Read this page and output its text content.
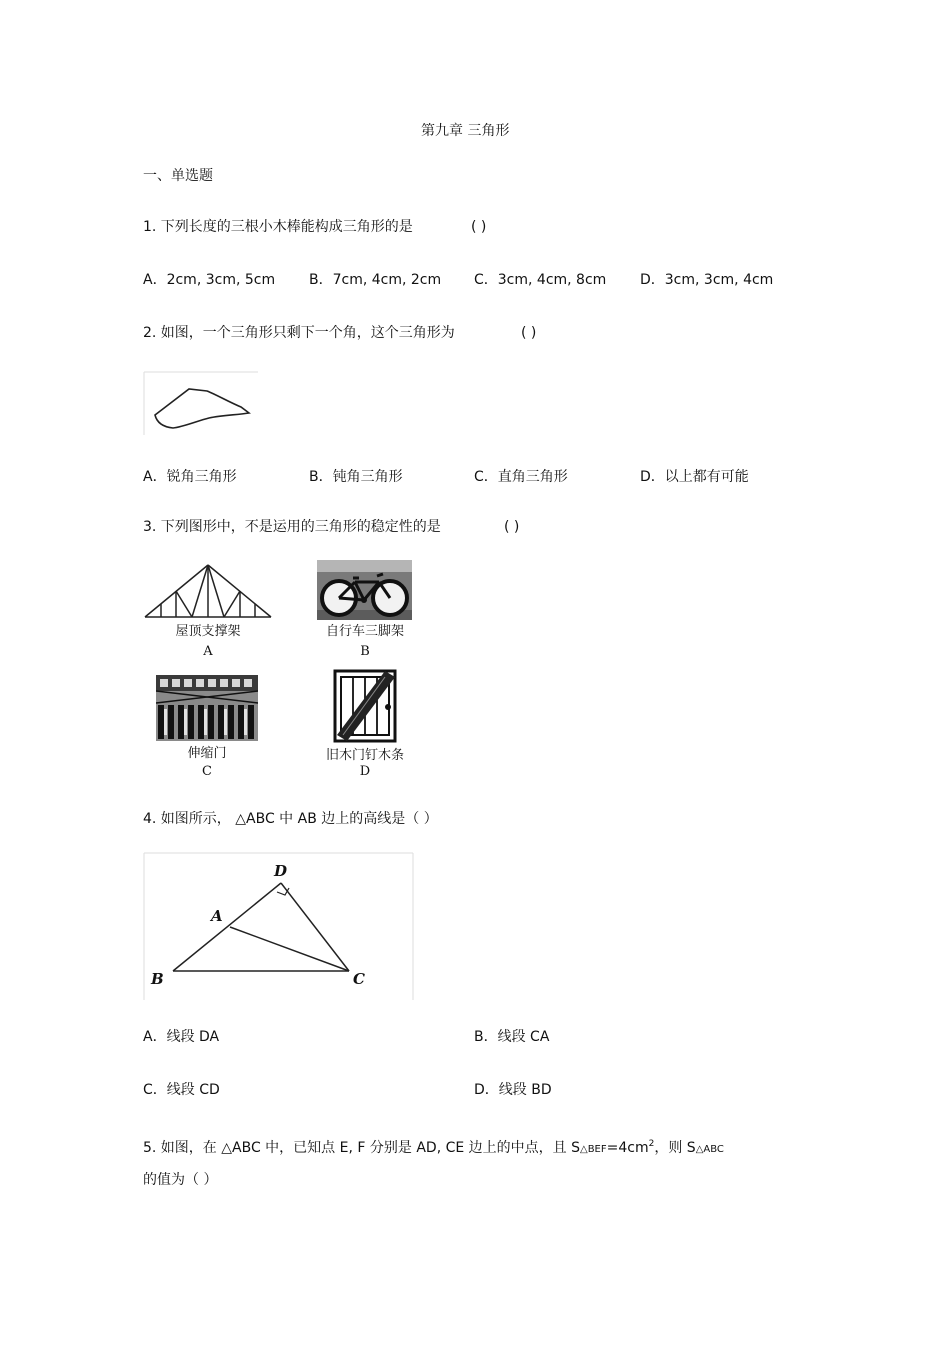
第九章 三角形
一、单选题
1. 下列长度的三根小木棒能构成三角形的是	( )
A．2cm, 3cm, 5cm B．7cm, 4cm, 2cm C．3cm, 4cm, 8cm D．3cm, 3cm, 4cm
2. 如图，一个三角形只剩下一个角，这个三角形为	( )
A．锐角三角形	B．钝角三角形	C．直角三角形	D．以上都有可能
3. 下列图形中，不是运用的三角形的稳定性的是	( )
屋顶支撑架
A
自行车三脚架
B
伸缩门
C
旧木门钉木条
D
4. 如图所示， △ABC 中 AB 边上的高线是（ ）
D
A
B	C
A．线段 DA	B．线段 CA
C．线段 CD	D．线段 BD
5. 如图，在 △ABC 中，已知点 E, F 分别是 AD, CE 边上的中点，且 $S\triangle BEF=4cm^2$，则 S△ABC
的值为（ ）
